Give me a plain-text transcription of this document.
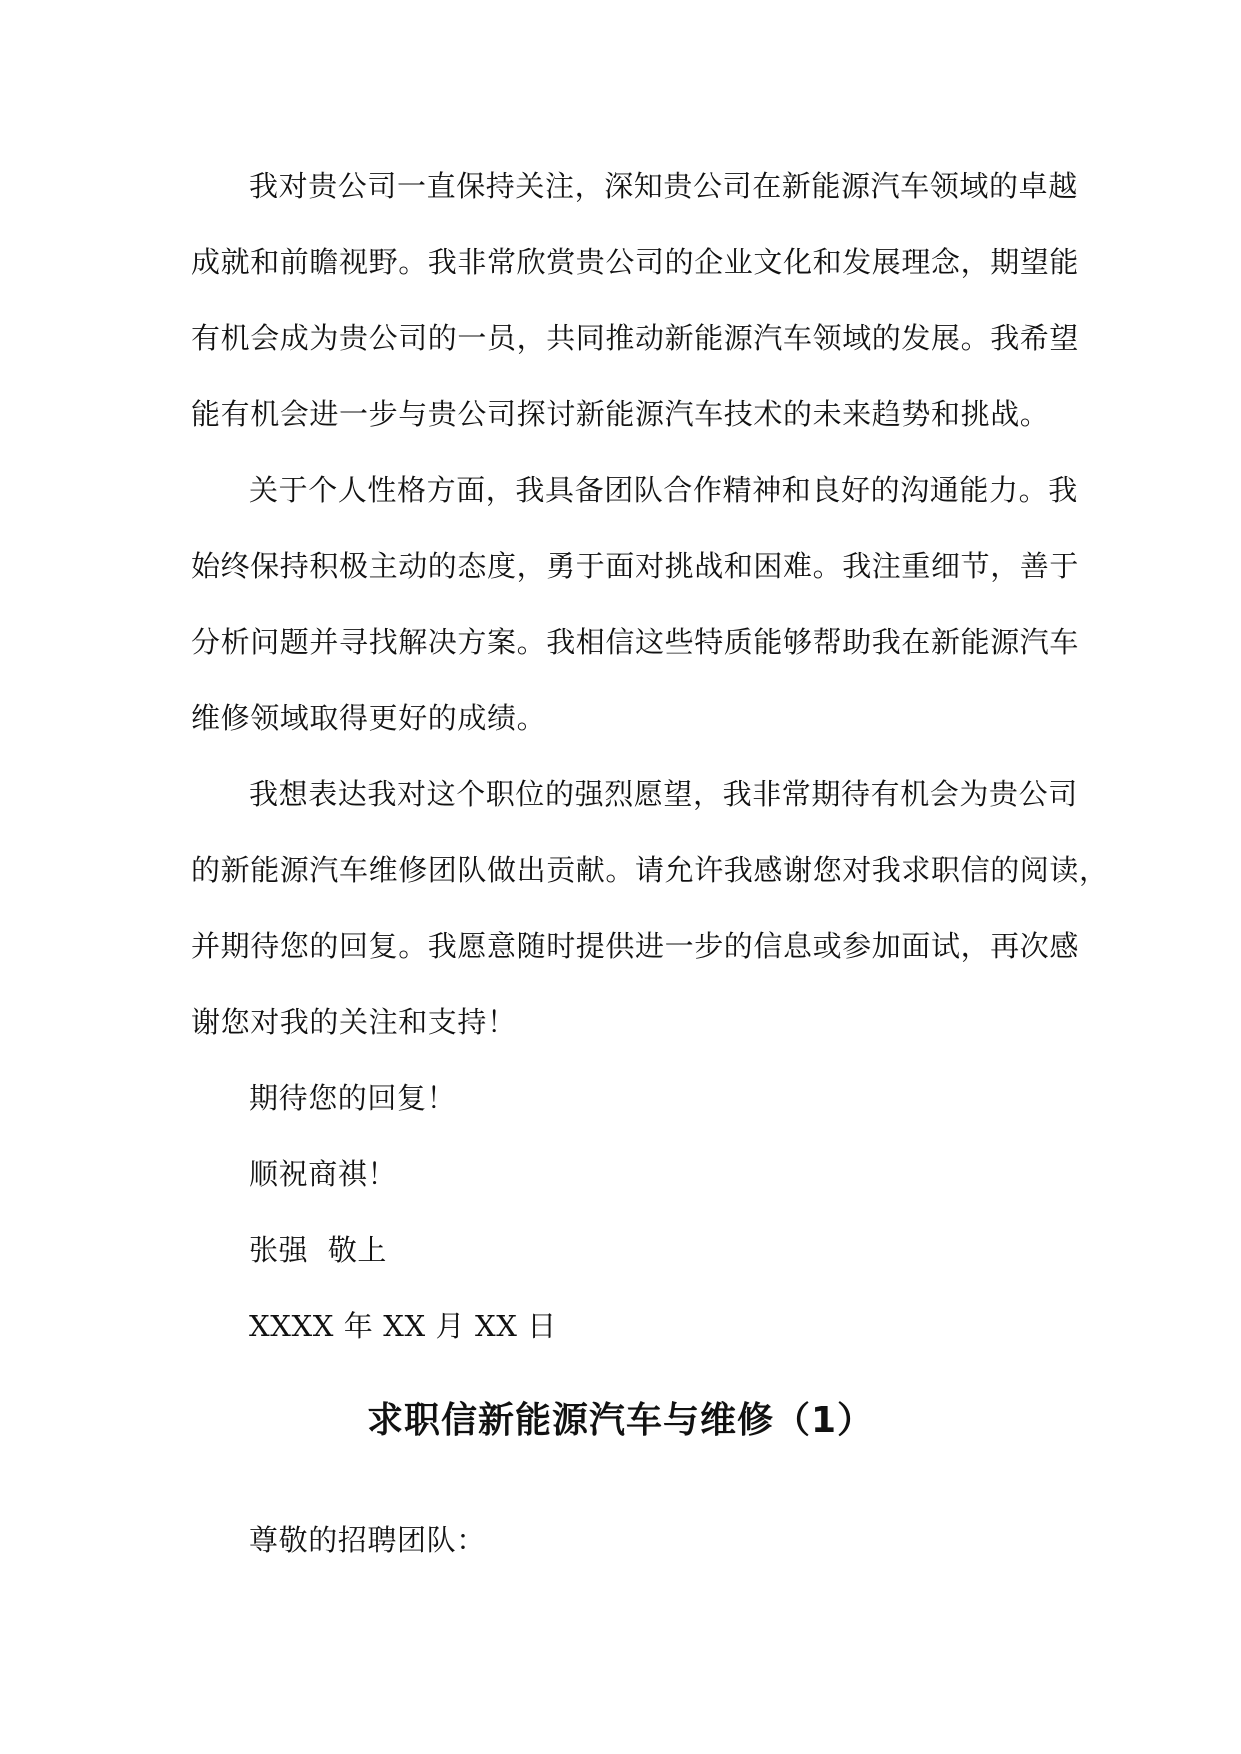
我对贵公司一直保持关注，深知贵公司在新能源汽车领域的卓越
成就和前瞻视野。我非常欣赏贵公司的企业文化和发展理念，期望能
有机会成为贵公司的一员，共同推动新能源汽车领域的发展。我希望
能有机会进一步与贵公司探讨新能源汽车技术的未来趋势和挑战。
关于个人性格方面，我具备团队合作精神和良好的沟通能力。我
始终保持积极主动的态度，勇于面对挑战和困难。我注重细节，善于
分析问题并寻找解决方案。我相信这些特质能够帮助我在新能源汽车
维修领域取得更好的成绩。
我想表达我对这个职位的强烈愿望，我非常期待有机会为贵公司
的新能源汽车维修团队做出贡献。请允许我感谢您对我求职信的阅读，
并期待您的回复。我愿意随时提供进一步的信息或参加面试，再次感
谢您对我的关注和支持！
期待您的回复！
顺祝商祺！
张强  敬上
XXXX 年 XX 月 XX 日
求职信新能源汽车与维修（1）

尊敬的招聘团队：
